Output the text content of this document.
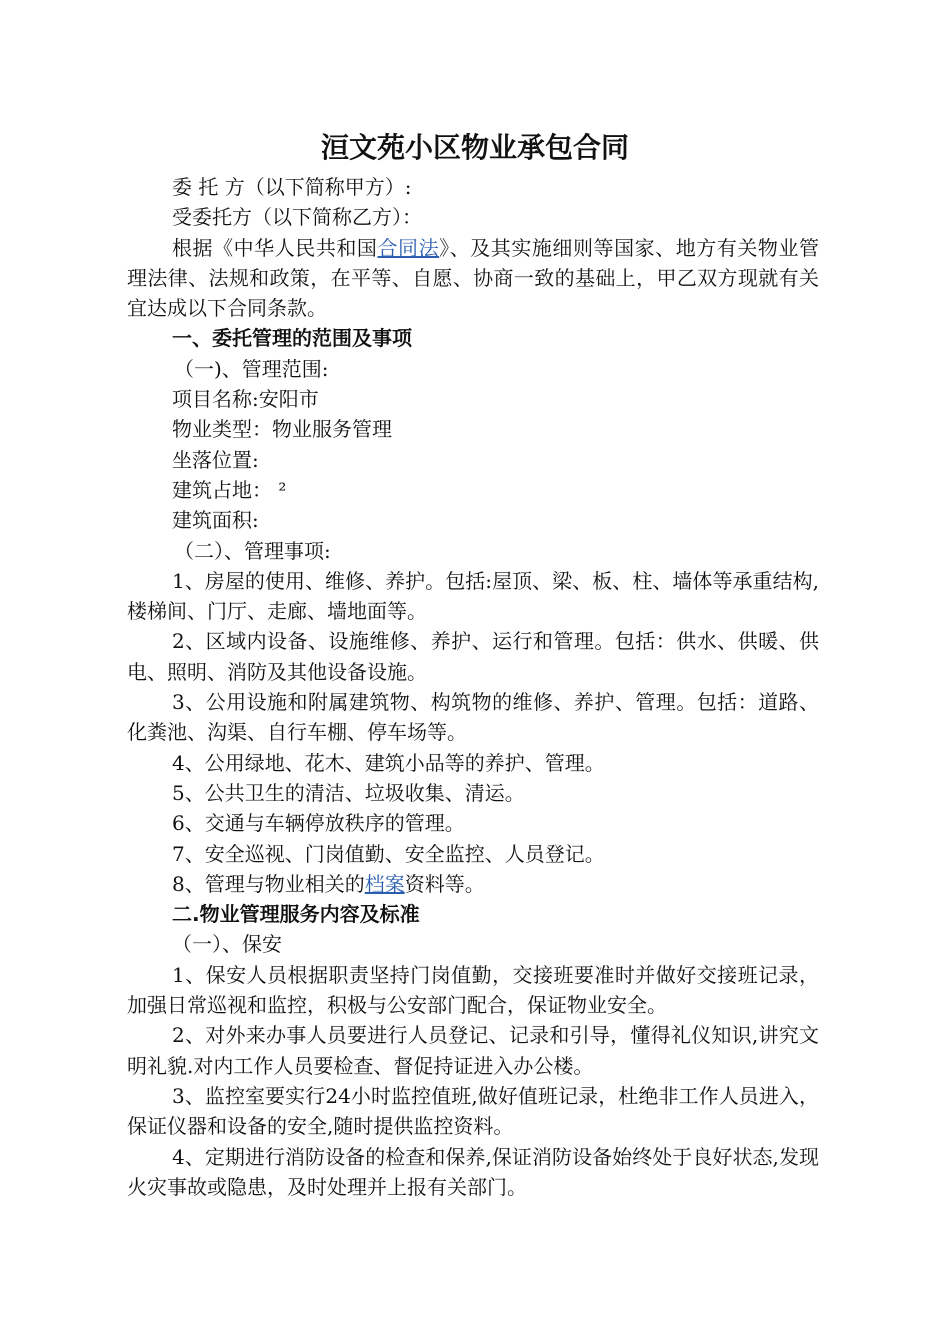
洹文苑小区物业承包合同

委 托 方（以下简称甲方）:

受委托方（以下简称乙方）：

根据《中华人民共和国合同法》、及其实施细则等国家、地方有关物业管理法律、法规和政策，在平等、自愿、协商一致的基础上，甲乙双方现就有关宜达成以下合同条款。

一、委托管理的范围及事项

（一)、管理范围:

项目名称:安阳市

物业类型：物业服务管理

坐落位置:

建筑占地： ²

建筑面积:

（二）、管理事项:

1、房屋的使用、维修、养护。包括:屋顶、梁、板、柱、墙体等承重结构,楼梯间、门厅、走廊、墙地面等。

2、区域内设备、设施维修、养护、运行和管理。包括：供水、供暖、供电、照明、消防及其他设备设施。

3、公用设施和附属建筑物、构筑物的维修、养护、管理。包括：道路、化粪池、沟渠、自行车棚、停车场等。

4、公用绿地、花木、建筑小品等的养护、管理。

5、公共卫生的清洁、垃圾收集、清运。

6、交通与车辆停放秩序的管理。

7、安全巡视、门岗值勤、安全监控、人员登记。

8、管理与物业相关的档案资料等。

二.物业管理服务内容及标准

（一）、保安

1、保安人员根据职责坚持门岗值勤，交接班要准时并做好交接班记录，加强日常巡视和监控，积极与公安部门配合，保证物业安全。

2、对外来办事人员要进行人员登记、记录和引导，懂得礼仪知识,讲究文明礼貌.对内工作人员要检查、督促持证进入办公楼。

3、监控室要实行24小时监控值班,做好值班记录，杜绝非工作人员进入，保证仪器和设备的安全,随时提供监控资料。

4、定期进行消防设备的检查和保养,保证消防设备始终处于良好状态,发现火灾事故或隐患，及时处理并上报有关部门。
